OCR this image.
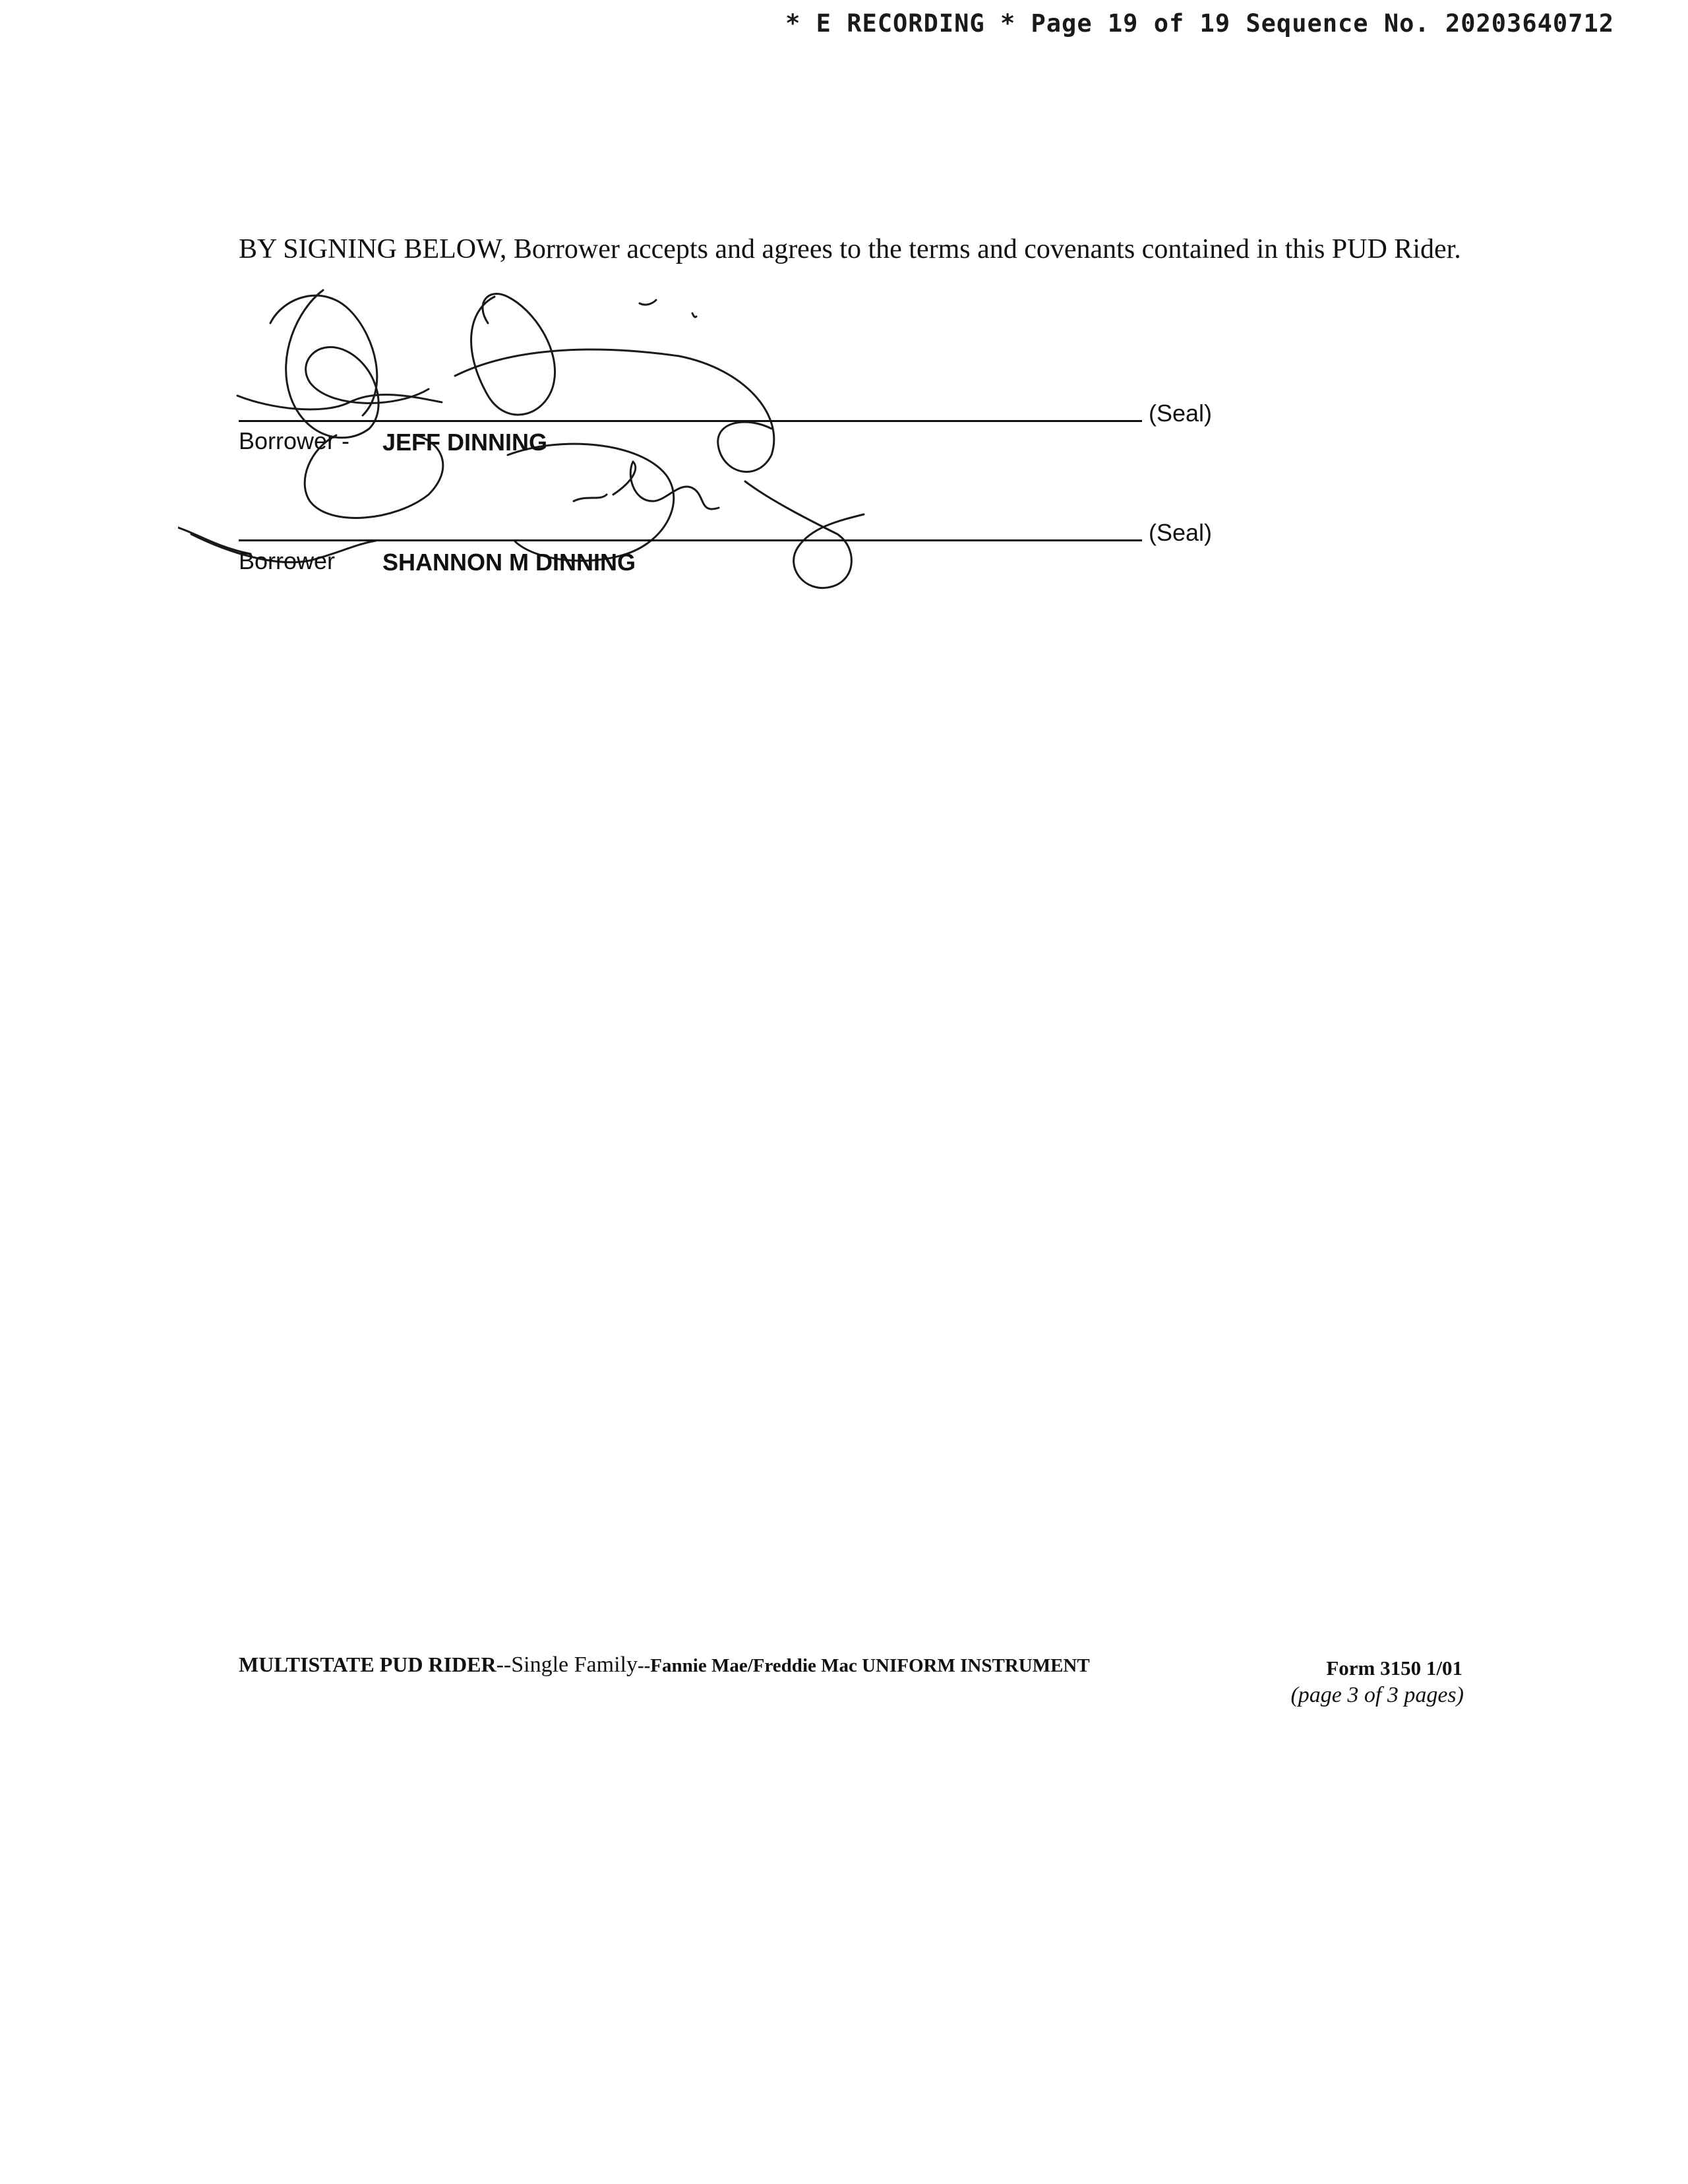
* E RECORDING * Page 19 of 19 Sequence No. 20203640712
BY SIGNING BELOW, Borrower accepts and agrees to the terms and covenants contained in this PUD Rider.
(Seal)
Borrower - JEFF DINNING
(Seal)
Borrower SHANNON M DINNING
MULTISTATE PUD RIDER--Single Family--Fannie Mae/Freddie Mac UNIFORM INSTRUMENT	Form 3150 1/01
(page 3 of 3 pages)
